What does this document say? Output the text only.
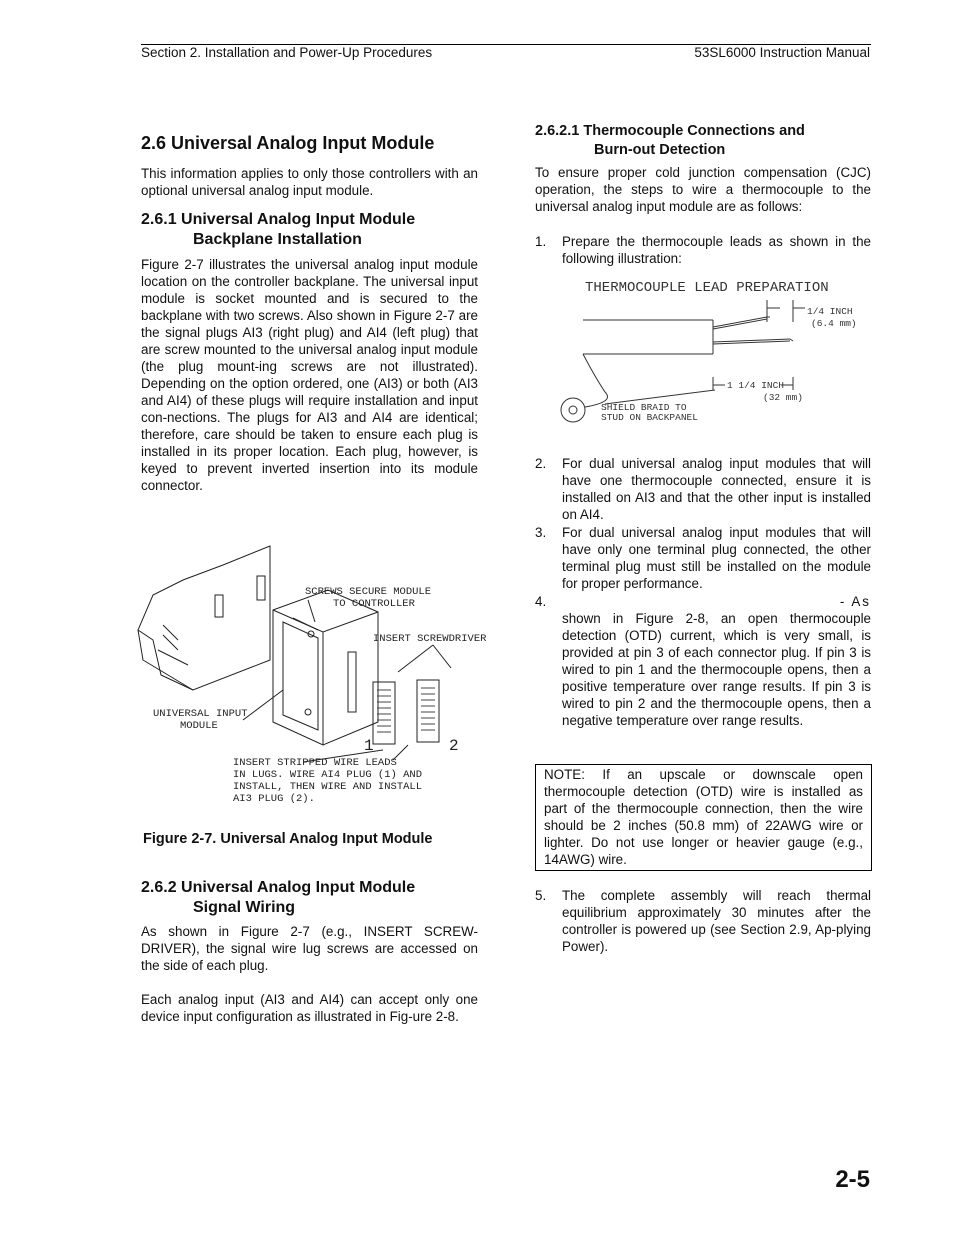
Section 2. Installation and Power-Up Procedures	53SL6000 Instruction Manual
2.6 Universal Analog Input Module

This information applies to only those controllers with an optional universal analog input module.

2.6.1 Universal Analog Input Module
Backplane Installation

Figure 2-7 illustrates the universal analog input module location on the controller backplane. The universal input module is socket mounted and is secured to the backplane with two screws. Also shown in Figure 2-7 are the signal plugs AI3 (right plug) and AI4 (left plug) that are screw mounted to the universal analog input module (the plug mount-ing screws are not illustrated). Depending on the option ordered, one (AI3) or both (AI3 and AI4) of these plugs will require installation and input con-nections. The plugs for AI3 and AI4 are identical; therefore, care should be taken to ensure each plug is installed in its proper location. Each plug, however, is keyed to prevent inverted insertion into its module connector.

SCREWS SECURE MODULE
TO CONTROLLER
INSERT SCREWDRIVER
UNIVERSAL INPUT
MODULE
INSERT STRIPPED WIRE LEADS
IN LUGS. WIRE AI4 PLUG (1) AND
INSTALL, THEN WIRE AND INSTALL
AI3 PLUG (2).
1	2
Figure 2-7. Universal Analog Input Module
2.6.2 Universal Analog Input Module
Signal Wiring

As shown in Figure 2-7 (e.g., INSERT SCREW-DRIVER), the signal wire lug screws are accessed on the side of each plug.

Each analog input (AI3 and AI4) can accept only one device input configuration as illustrated in Fig-ure 2-8.

2.6.2.1 Thermocouple Connections and
Burn-out Detection

To ensure proper cold junction compensation (CJC) operation, the steps to wire a thermocouple to the universal analog input module are as follows:

1. Prepare the thermocouple leads as shown in the following illustration:
THERMOCOUPLE LEAD PREPARATION
1/4 INCH
(6.4 mm)
1 1/4 INCH
(32 mm)
SHIELD BRAID TO
STUD ON BACKPANEL
2. For dual universal analog input modules that will have one thermocouple connected, ensure it is installed on AI3 and that the other input is installed on AI4.
3. For dual universal analog input modules that will have only one terminal plug connected, the other terminal plug must still be installed on the module for proper performance.
4.	- As
shown in Figure 2-8, an open thermocouple detection (OTD) current, which is very small, is provided at pin 3 of each connector plug. If pin 3 is wired to pin 1 and the thermocouple opens, then a positive temperature over range results. If pin 3 is wired to pin 2 and the thermocouple opens, then a negative temperature over range results.
NOTE: If an upscale or downscale open thermocouple detection (OTD) wire is installed as part of the thermocouple connection, then the wire should be 2 inches (50.8 mm) of 22AWG wire or lighter. Do not use longer or heavier gauge (e.g., 14AWG) wire.
5. The complete assembly will reach thermal equilibrium approximately 30 minutes after the controller is powered up (see Section 2.9, Ap-plying Power).
2-5
